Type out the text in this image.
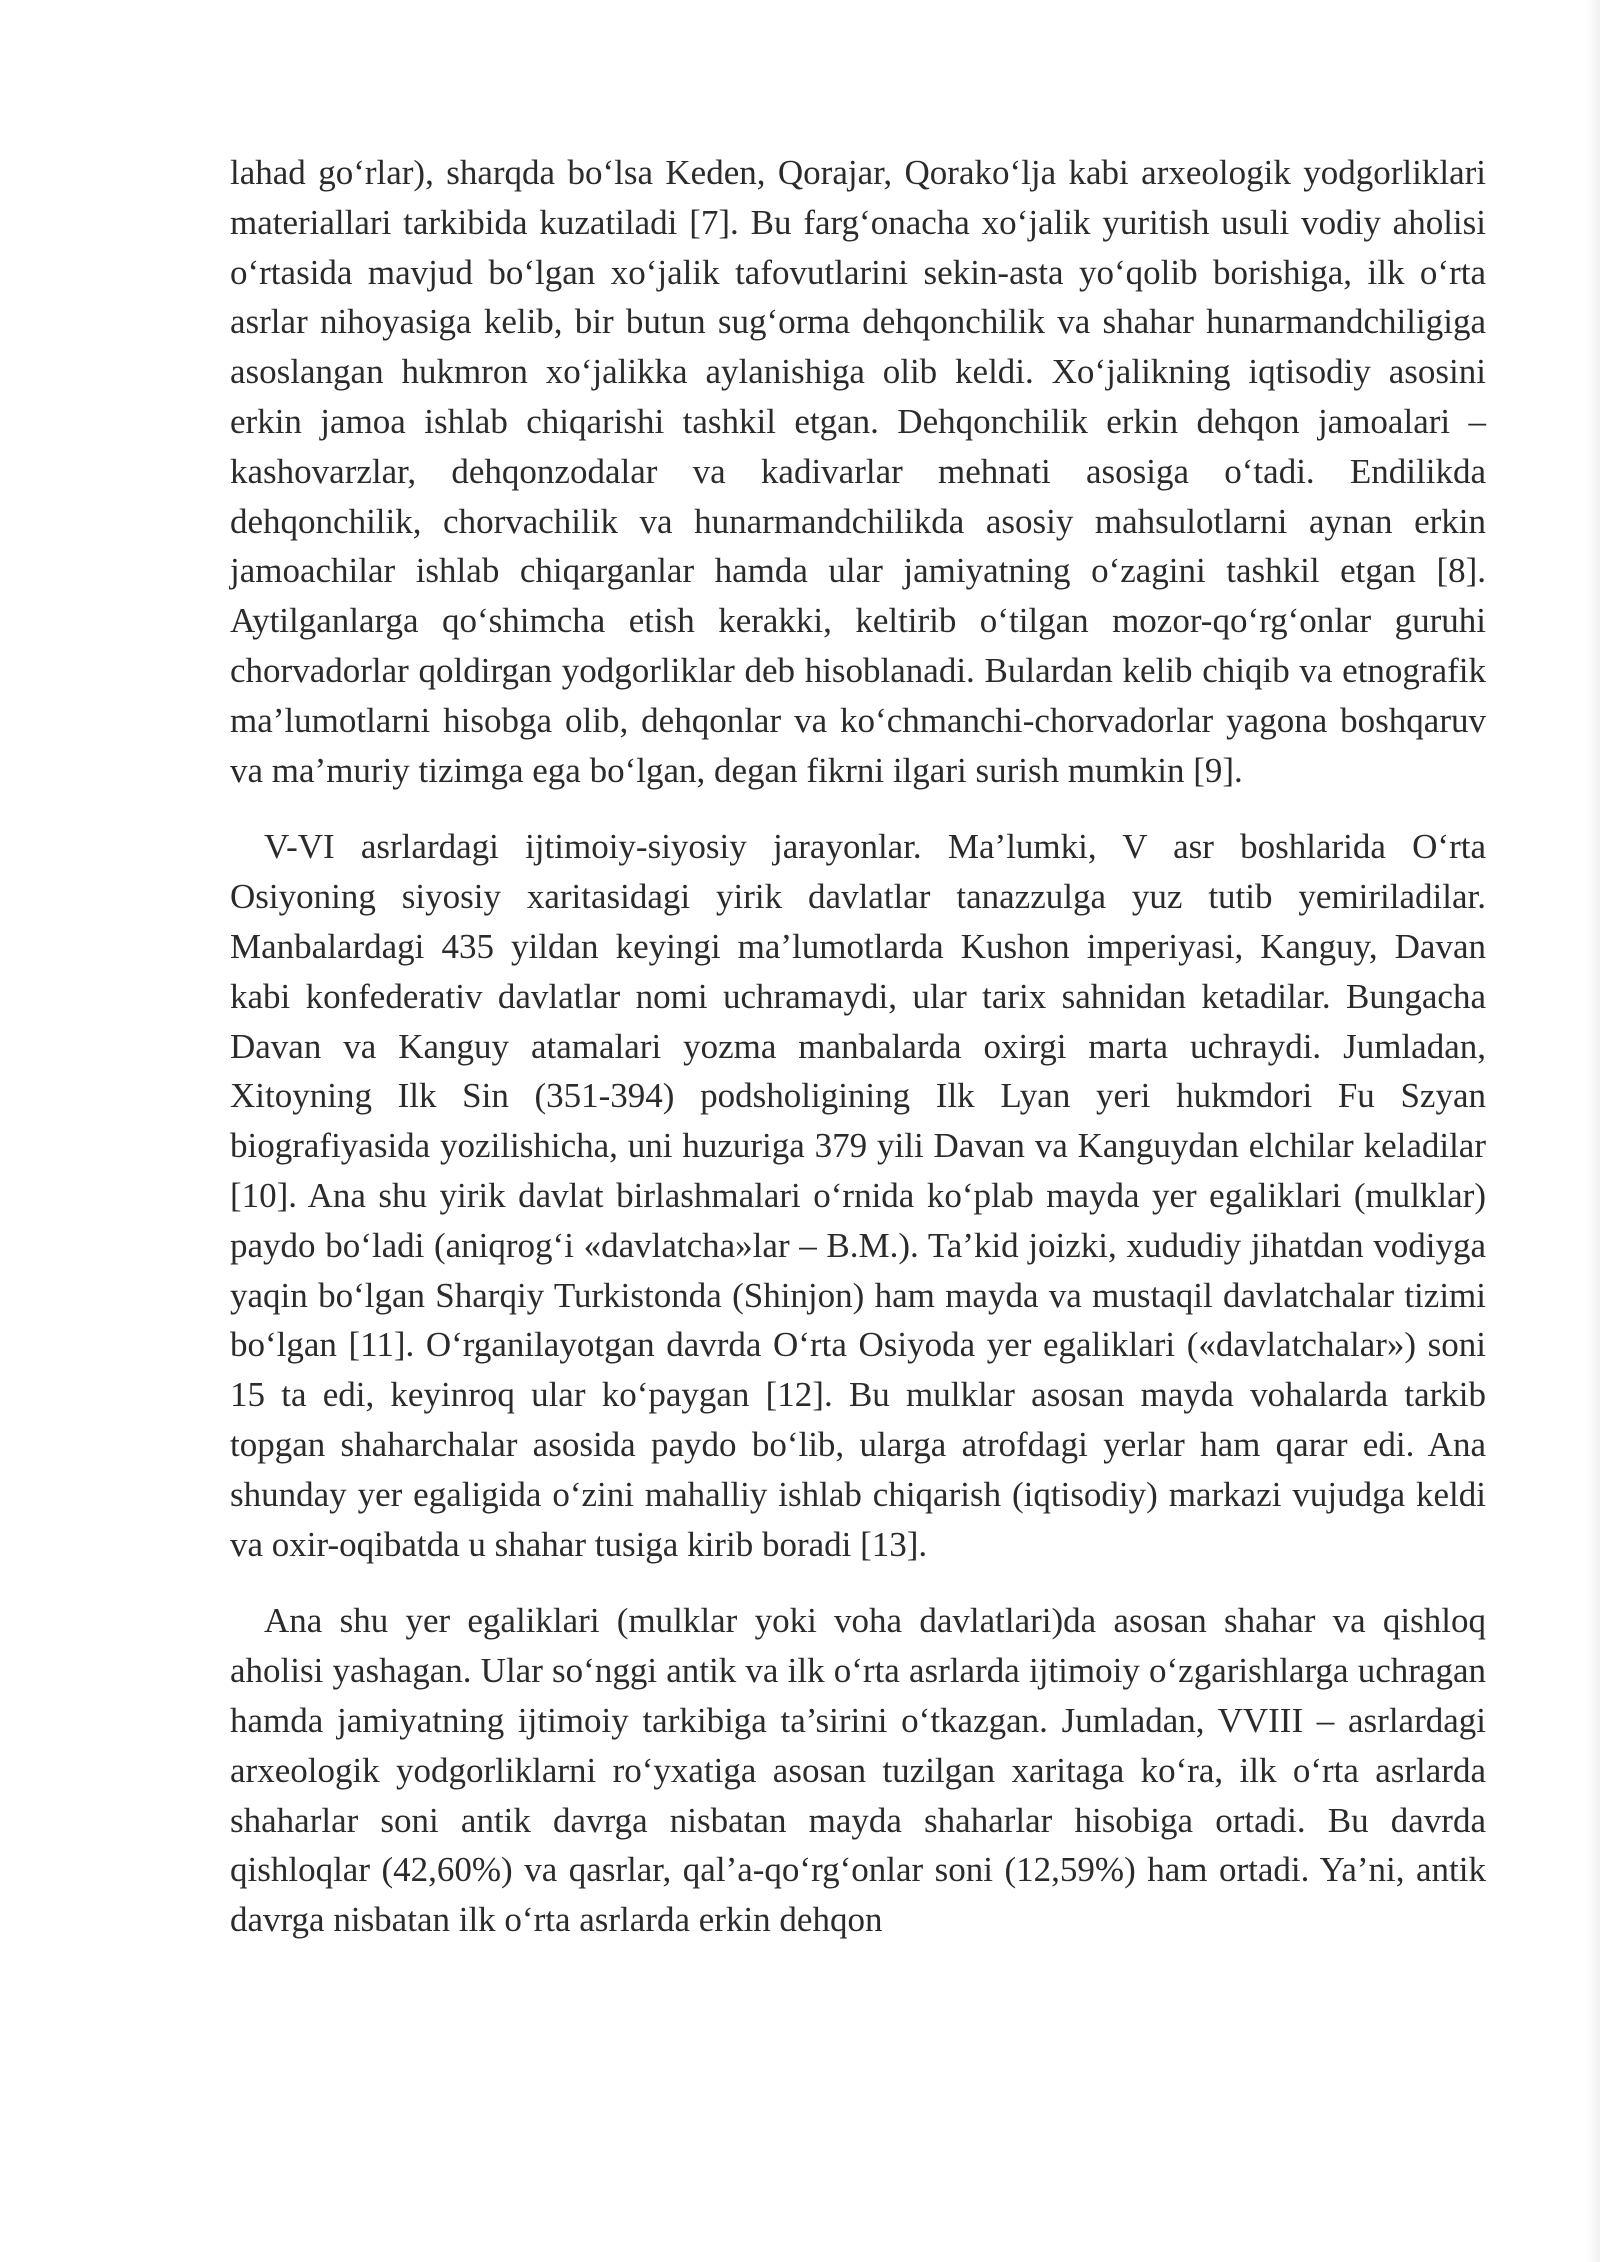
lahad go‘rlar), sharqda bo‘lsa Keden, Qorajar, Qorako‘lja kabi arxeologik yodgorliklari materiallari tarkibida kuzatiladi [7]. Bu farg‘onacha xo‘jalik yuritish usuli vodiy aholisi o‘rtasida mavjud bo‘lgan xo‘jalik tafovutlarini sekin-asta yo‘qolib borishiga, ilk o‘rta asrlar nihoyasiga kelib, bir butun sug‘orma dehqonchilik va shahar hunarmandchiligiga asoslangan hukmron xo‘jalikka aylanishiga olib keldi. Xo‘jalikning iqtisodiy asosini erkin jamoa ishlab chiqarishi tashkil etgan. Dehqonchilik erkin dehqon jamoalari – kashovarzlar, dehqonzodalar va kadivarlar mehnati asosiga o‘tadi. Endilikda dehqonchilik, chorvachilik va hunarmandchilikda asosiy mahsulotlarni aynan erkin jamoachilar ishlab chiqarganlar hamda ular jamiyatning o‘zagini tashkil etgan [8]. Aytilganlarga qo‘shimcha etish kerakki, keltirib o‘tilgan mozor-qo‘rg‘onlar guruhi chorvadorlar qoldirgan yodgorliklar deb hisoblanadi. Bulardan kelib chiqib va etnografik ma’lumotlarni hisobga olib, dehqonlar va ko‘chmanchi-chorvadorlar yagona boshqaruv va ma’muriy tizimga ega bo‘lgan, degan fikrni ilgari surish mumkin [9].

V-VI asrlardagi ijtimoiy-siyosiy jarayonlar. Ma’lumki, V asr boshlarida O‘rta Osiyoning siyosiy xaritasidagi yirik davlatlar tanazzulga yuz tutib yemiriladilar. Manbalardagi 435 yildan keyingi ma’lumotlarda Kushon imperiyasi, Kanguy, Davan kabi konfederativ davlatlar nomi uchramaydi, ular tarix sahnidan ketadilar. Bungacha Davan va Kanguy atamalari yozma manbalarda oxirgi marta uchraydi. Jumladan, Xitoyning Ilk Sin (351-394) podsholigining Ilk Lyan yeri hukmdori Fu Szyan biografiyasida yozilishicha, uni huzuriga 379 yili Davan va Kanguydan elchilar keladilar [10]. Ana shu yirik davlat birlashmalari o‘rnida ko‘plab mayda yer egaliklari (mulklar) paydo bo‘ladi (aniqrog‘i «davlatcha»lar – B.M.). Ta’kid joizki, xududiy jihatdan vodiyga yaqin bo‘lgan Sharqiy Turkistonda (Shinjon) ham mayda va mustaqil davlatchalar tizimi bo‘lgan [11]. O‘rganilayotgan davrda O‘rta Osiyoda yer egaliklari («davlatchalar») soni 15 ta edi, keyinroq ular ko‘paygan [12]. Bu mulklar asosan mayda vohalarda tarkib topgan shaharchalar asosida paydo bo‘lib, ularga atrofdagi yerlar ham qarar edi. Ana shunday yer egaligida o‘zini mahalliy ishlab chiqarish (iqtisodiy) markazi vujudga keldi va oxir-oqibatda u shahar tusiga kirib boradi [13].

Ana shu yer egaliklari (mulklar yoki voha davlatlari)da asosan shahar va qishloq aholisi yashagan. Ular so‘nggi antik va ilk o‘rta asrlarda ijtimoiy o‘zgarishlarga uchragan hamda jamiyatning ijtimoiy tarkibiga ta’sirini o‘tkazgan. Jumladan, VVIII – asrlardagi arxeologik yodgorliklarni ro‘yxatiga asosan tuzilgan xaritaga ko‘ra, ilk o‘rta asrlarda shaharlar soni antik davrga nisbatan mayda shaharlar hisobiga ortadi. Bu davrda qishloqlar (42,60%) va qasrlar, qal’a-qo‘rg‘onlar soni (12,59%) ham ortadi. Ya’ni, antik davrga nisbatan ilk o‘rta asrlarda erkin dehqon
